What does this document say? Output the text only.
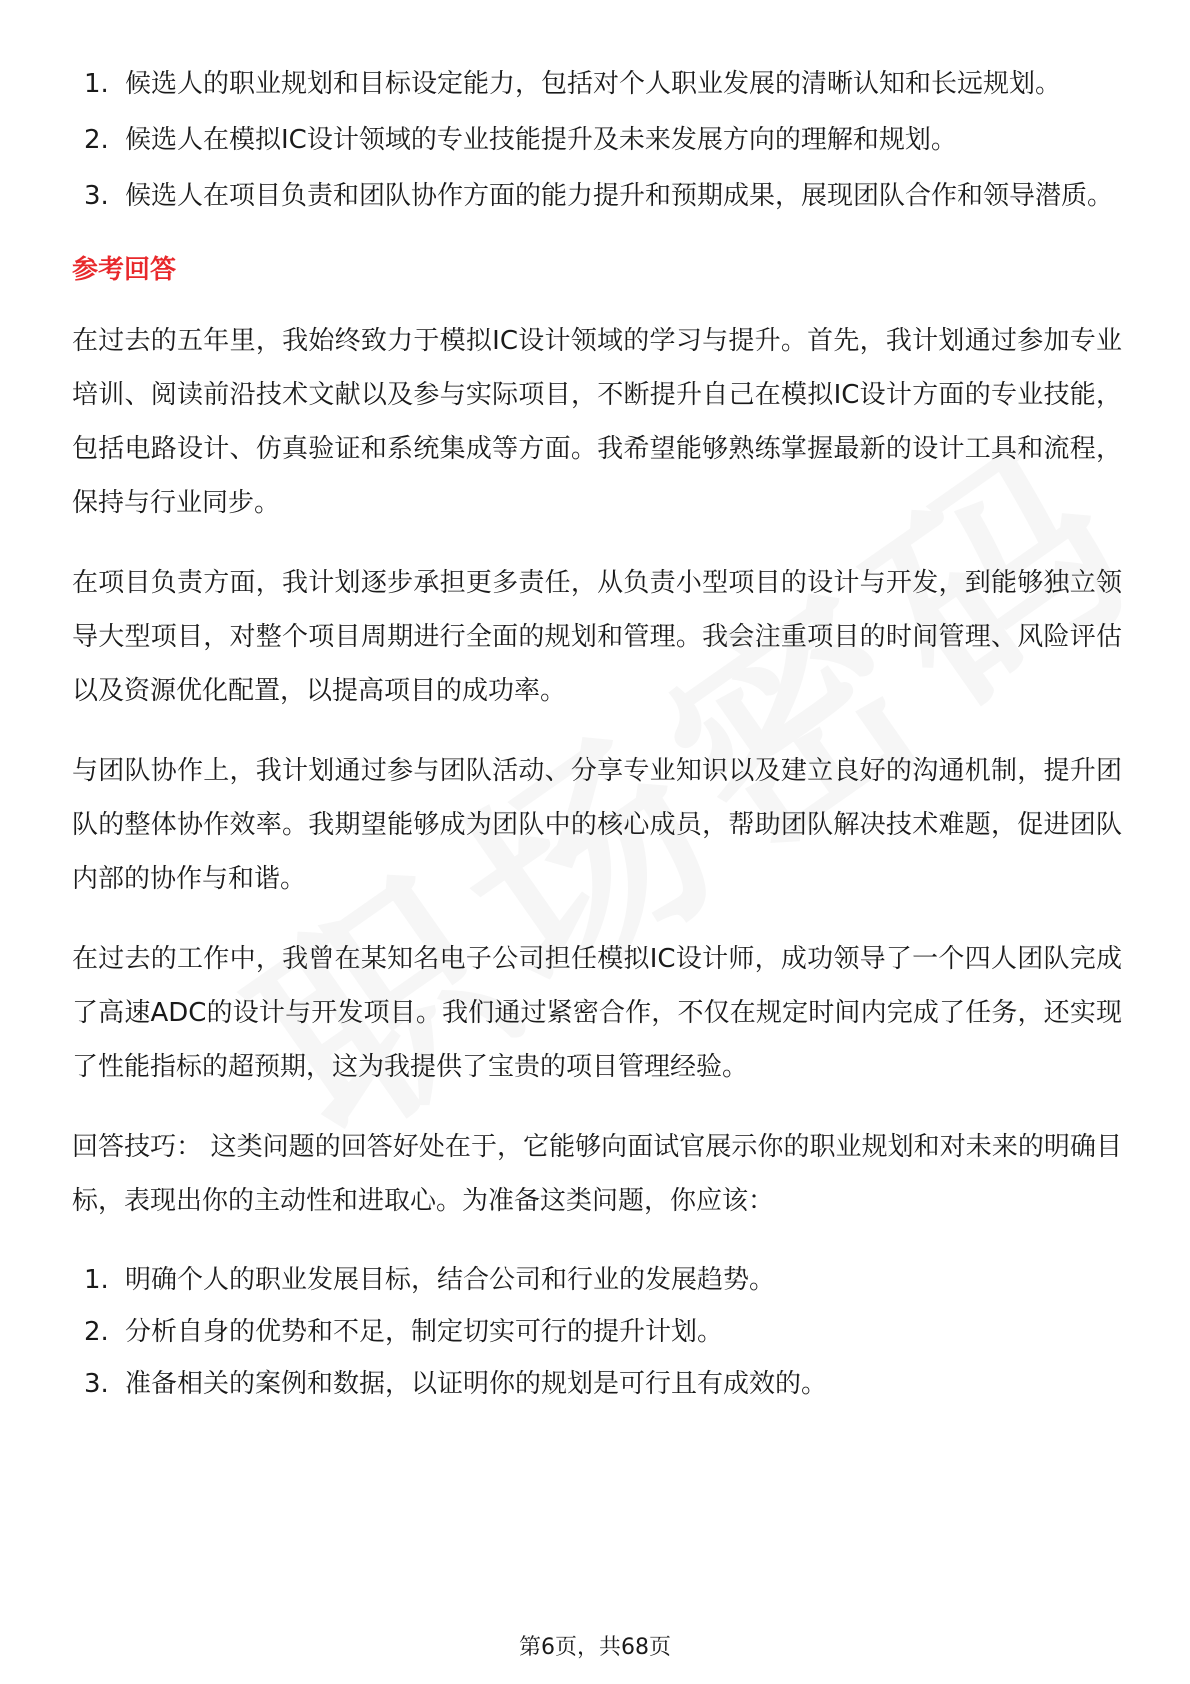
1. 候选人的职业规划和目标设定能力，包括对个人职业发展的清晰认知和长远规划。
2. 候选人在模拟IC设计领域的专业技能提升及未来发展方向的理解和规划。
3. 候选人在项目负责和团队协作方面的能力提升和预期成果，展现团队合作和领导潜质。
参考回答

在过去的五年里，我始终致力于模拟IC设计领域的学习与提升。首先，我计划通过参加专业培训、阅读前沿技术文献以及参与实际项目，不断提升自己在模拟IC设计方面的专业技能，包括电路设计、仿真验证和系统集成等方面。我希望能够熟练掌握最新的设计工具和流程，保持与行业同步。

在项目负责方面，我计划逐步承担更多责任，从负责小型项目的设计与开发，到能够独立领导大型项目，对整个项目周期进行全面的规划和管理。我会注重项目的时间管理、风险评估以及资源优化配置，以提高项目的成功率。

与团队协作上，我计划通过参与团队活动、分享专业知识以及建立良好的沟通机制，提升团队的整体协作效率。我期望能够成为团队中的核心成员，帮助团队解决技术难题，促进团队内部的协作与和谐。

在过去的工作中，我曾在某知名电子公司担任模拟IC设计师，成功领导了一个四人团队完成了高速ADC的设计与开发项目。我们通过紧密合作，不仅在规定时间内完成了任务，还实现了性能指标的超预期，这为我提供了宝贵的项目管理经验。

回答技巧： 这类问题的回答好处在于，它能够向面试官展示你的职业规划和对未来的明确目标，表现出你的主动性和进取心。为准备这类问题，你应该：

1. 明确个人的职业发展目标，结合公司和行业的发展趋势。
2. 分析自身的优势和不足，制定切实可行的提升计划。
3. 准备相关的案例和数据，以证明你的规划是可行且有成效的。
第6页，共68页
